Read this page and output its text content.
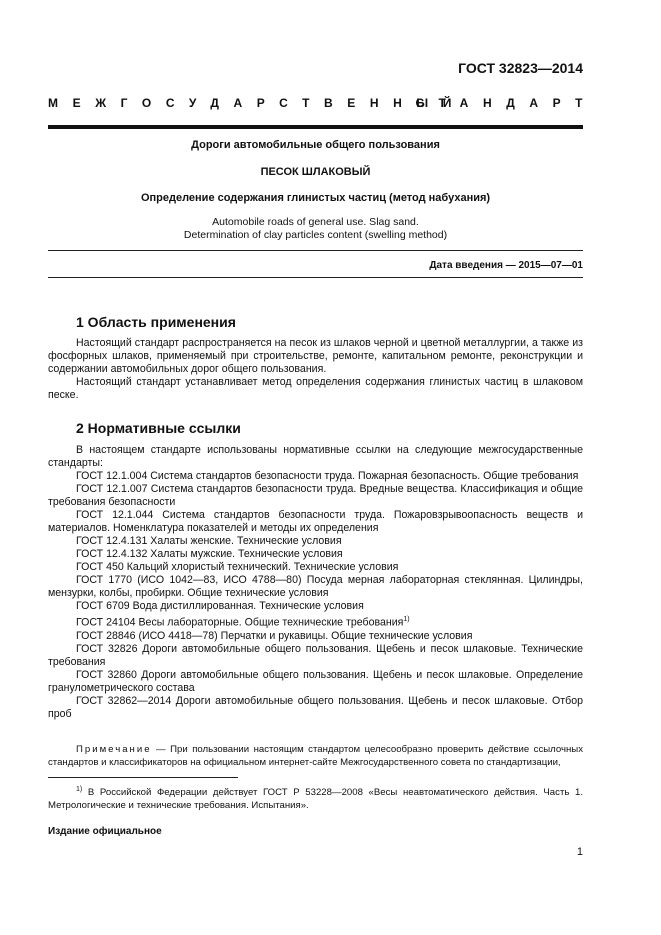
ГОСТ 32823—2014
МЕЖГОСУДАРСТВЕННЫЙ
СТАНДАРТ
Дороги автомобильные общего пользования
ПЕСОК ШЛАКОВЫЙ
Определение содержания глинистых частиц (метод набухания)
Automobile roads of general use. Slag sand.
Determination of clay particles content (swelling method)
Дата введения — 2015—07—01
1 Область применения

Настоящий стандарт распространяется на песок из шлаков черной и цветной металлургии, а также из фосфорных шлаков, применяемый при строительстве, ремонте, капитальном ремонте, реконструкции и содержании автомобильных дорог общего пользования.

Настоящий стандарт устанавливает метод определения содержания глинистых частиц в шлаковом песке.

2 Нормативные ссылки

В настоящем стандарте использованы нормативные ссылки на следующие межгосударственные стандарты:

ГОСТ 12.1.004 Система стандартов безопасности труда. Пожарная безопасность. Общие требования

ГОСТ 12.1.007 Система стандартов безопасности труда. Вредные вещества. Классификация и общие требования безопасности

ГОСТ 12.1.044 Система стандартов безопасности труда. Пожаровзрывоопасность веществ и материалов. Номенклатура показателей и методы их определения

ГОСТ 12.4.131 Халаты женские. Технические условия

ГОСТ 12.4.132 Халаты мужские. Технические условия

ГОСТ 450 Кальций хлористый технический. Технические условия

ГОСТ 1770 (ИСО 1042—83, ИСО 4788—80) Посуда мерная лабораторная стеклянная. Цилиндры, мензурки, колбы, пробирки. Общие технические условия

ГОСТ 6709 Вода дистиллированная. Технические условия

ГОСТ 24104 Весы лабораторные. Общие технические требования$^{1)}$

ГОСТ 28846 (ИСО 4418—78) Перчатки и рукавицы. Общие технические условия

ГОСТ 32826 Дороги автомобильные общего пользования. Щебень и песок шлаковые. Технические требования

ГОСТ 32860 Дороги автомобильные общего пользования. Щебень и песок шлаковые. Определение гранулометрического состава

ГОСТ 32862—2014 Дороги автомобильные общего пользования. Щебень и песок шлаковые. Отбор проб

Примечание — При пользовании настоящим стандартом целесообразно проверить действие ссылочных стандартов и классификаторов на официальном интернет-сайте Межгосударственного совета по стандартизации,

$^{1)}$ В Российской Федерации действует ГОСТ Р 53228—2008 «Весы неавтоматического действия. Часть 1. Метрологические и технические требования. Испытания».

Издание официальное
1
